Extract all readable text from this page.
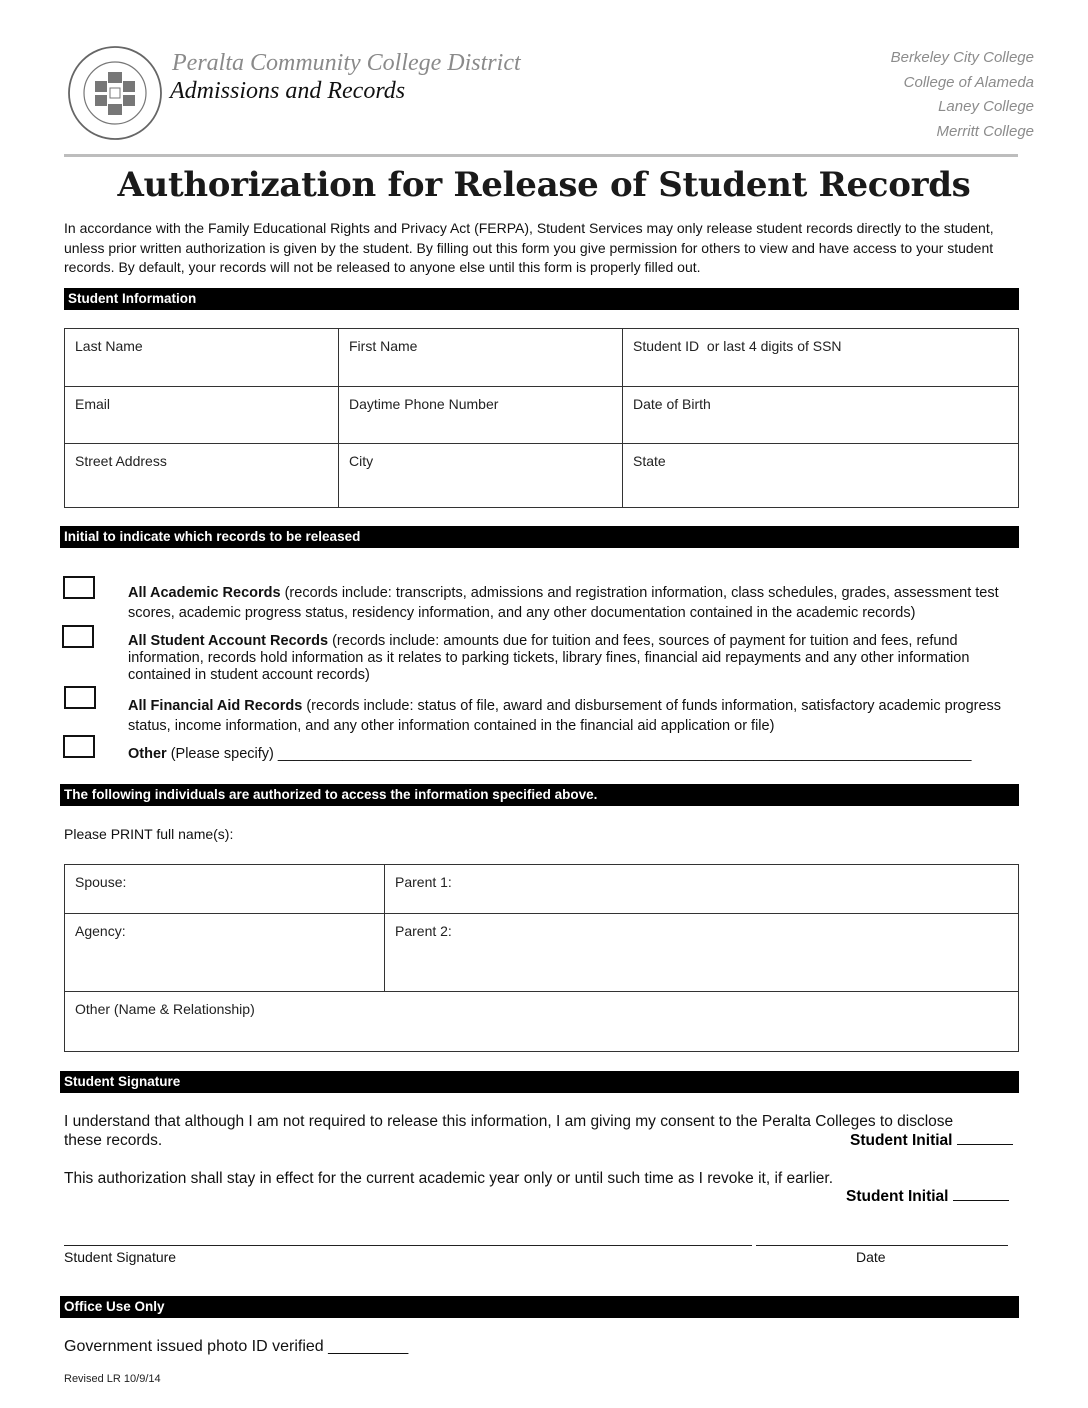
Peralta Community College District
Admissions and Records
Berkeley City College
College of Alameda
Laney College
Merritt College
Authorization for Release of Student Records
In accordance with the Family Educational Rights and Privacy Act (FERPA), Student Services may only release student records directly to the student, unless prior written authorization is given by the student. By filling out this form you give permission for others to view and have access to your student records. By default, your records will not be released to anyone else until this form is properly filled out.
Student Information
Last Name	First Name	Student ID  or last 4 digits of SSN
Email	Daytime Phone Number	Date of Birth
Street Address	City	State
Initial to indicate which records to be released
All Academic Records (records include: transcripts, admissions and registration information, class schedules, grades, assessment test scores, academic progress status, residency information, and any other documentation contained in the academic records)
All Student Account Records (records include: amounts due for tuition and fees, sources of payment for tuition and fees, refund information, records hold information as it relates to parking tickets, library fines, financial aid repayments and any other information contained in student account records)
All Financial Aid Records (records include: status of file, award and disbursement of funds information, satisfactory academic progress status, income information, and any other information contained in the financial aid application or file)
Other (Please specify) ______________________________________________________________________________________
The following individuals are authorized to access the information specified above.
Please PRINT full name(s):
Spouse:	Parent 1:
Agency:	Parent 2:
Other (Name & Relationship)	
Student Signature
I understand that although I am not required to release this information, I am giving my consent to the Peralta Colleges to disclose
these records.	Student Initial
This authorization shall stay in effect for the current academic year only or until such time as I revoke it, if earlier.
Student Initial
Student Signature	Date
Office Use Only
Government issued photo ID verified _________
Revised LR 10/9/14
